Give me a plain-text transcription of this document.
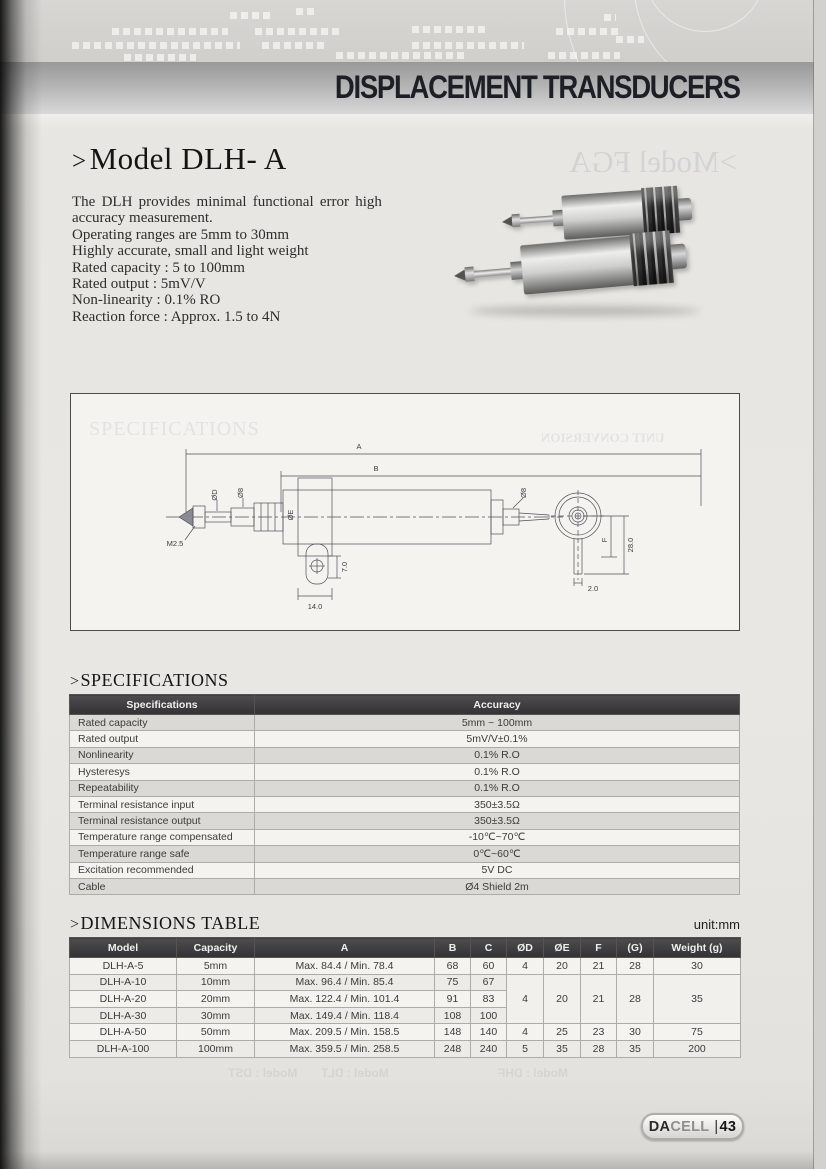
DISPLACEMENT TRANSDUCERS
>Model DLH- A
The DLH provides minimal functional error high
accuracy measurement.
Operating ranges are 5mm to 30mm
Highly accurate, small and light weight
Rated capacity : 5 to 100mm
Rated output : 5mV/V
Non-linearity : 0.1% RO
Reaction force : Approx. 1.5 to 4N
>Model FGA
SPECIFICATIONS	UNIT CONVERSION
A
B
7.0
14.0
ØD Ø8
ØE
Ø8
M2.5	F 28.0
2.0
>SPECIFICATIONS
Specifications	Accuracy
Rated capacity	5mm ~ 100mm
Rated output	5mV/V±0.1%
Nonlinearity	0.1% R.O
Hysteresys	0.1% R.O
Repeatability	0.1% R.O
Terminal resistance input	350±3.5Ω
Terminal resistance output	350±3.5Ω
Temperature range compensated	-10℃~70℃
Temperature range safe	0℃~60℃
Excitation recommended	5V DC
Cable	Ø4 Shield 2m
>DIMENSIONS TABLE	unit:mm
Model	Capacity	A	B	C	ØD	ØE	F	(G)	Weight (g)
DLH-A-5	5mm	Max. 84.4 / Min. 78.4	68	60	4	20	21	28	30
DLH-A-10	10mm	Max. 96.4 / Min. 85.4	75	67	4	20	21	28	35
DLH-A-20	20mm	Max. 122.4 / Min. 101.4	91	83					
DLH-A-30	30mm	Max. 149.4 / Min. 118.4	108	100					
DLH-A-50	50mm	Max. 209.5 / Min. 158.5	148	140	4	25	23	30	75
DLH-A-100	100mm	Max. 359.5 / Min. 258.5	248	240	5	35	28	35	200
Model : DST Model : DLT	Model : DHF
DA CELL | 43
